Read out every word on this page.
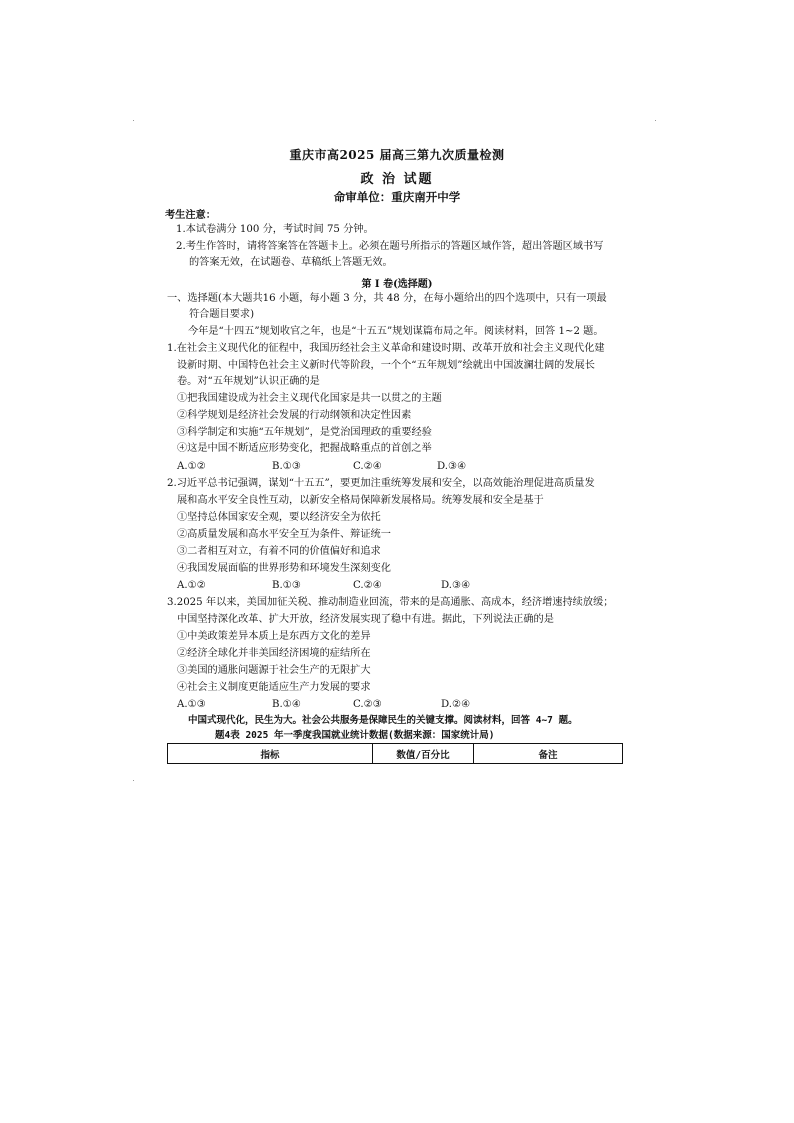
重庆市高2025 届高三第九次质量检测
政 治 试题
命审单位：重庆南开中学
考生注意：
1.本试卷满分 100 分，考试时间 75 分钟。
2.考生作答时，请将答案答在答题卡上。必须在题号所指示的答题区域作答，超出答题区域书写
的答案无效，在试题卷、草稿纸上答题无效。
第 I 卷(选择题)
一、选择题(本大题共16 小题，每小题 3 分，共 48 分，在每小题给出的四个选项中，只有一项最
符合题目要求)
今年是“十四五”规划收官之年，也是“十五五”规划谋篇布局之年。阅读材料，回答 1~2 题。
1.在社会主义现代化的征程中，我国历经社会主义革命和建设时期、改革开放和社会主义现代化建
设新时期、中国特色社会主义新时代等阶段，一个个“五年规划”绘就出中国波澜壮阔的发展长
卷。对“五年规划”认识正确的是
①把我国建设成为社会主义现代化国家是共一以贯之的主题
②科学规划是经济社会发展的行动纲领和决定性因素
③科学制定和实施“五年规划”，是党治国理政的重要经验
④这是中国不断适应形势变化，把握战略重点的首创之举
A.①②	B.①③	C.②④	D.③④
2.习近平总书记强调，谋划“十五五”，要更加注重统筹发展和安全，以高效能治理促进高质量发
展和高水平安全良性互动，以新安全格局保障新发展格局。统筹发展和安全是基于
①坚持总体国家安全观，要以经济安全为依托
②高质量发展和高水平安全互为条件、辩证统一
③二者相互对立，有着不同的价值偏好和追求
④我国发展面临的世界形势和环境发生深刻变化
A.①②	B.①③	C.②④	D.③④
3.2025 年以来，美国加征关税、推动制造业回流，带来的是高通胀、高成本，经济增速持续放缓；
中国坚持深化改革、扩大开放，经济发展实现了稳中有进。据此，下列说法正确的是
①中美政策差异本质上是东西方文化的差异
②经济全球化并非美国经济困境的症结所在
③美国的通胀问题源于社会生产的无限扩大
④社会主义制度更能适应生产力发展的要求
A.①③	B.①④	C.②③	D.②④
中国式现代化，民生为大。社会公共服务是保障民生的关键支撑。阅读材料，回答 4~7 题。
题4表 2025 年一季度我国就业统计数据(数据来源：国家统计局)
指标	数值/百分比	备注
